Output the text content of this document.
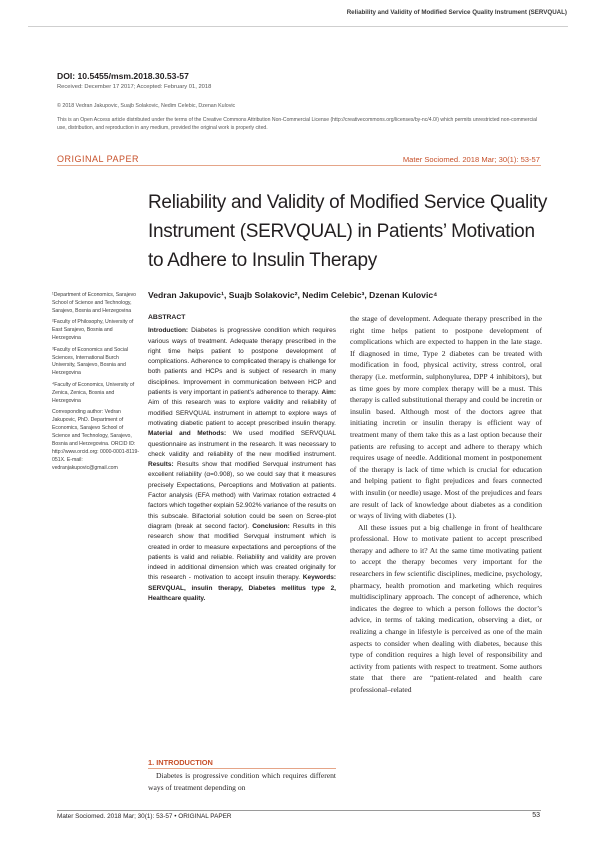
Reliability and Validity of Modified Service Quality Instrument (SERVQUAL)
DOI: 10.5455/msm.2018.30.53-57
Received: December 17 2017; Accepted: February 01, 2018
© 2018 Vedran Jakupovic, Suajb Solakovic, Nedim Celebic, Dzenan Kulovic
This is an Open Access article distributed under the terms of the Creative Commons Attribution Non-Commercial License (http://creativecommons.org/licenses/by-nc/4.0/) which permits unrestricted non-commercial use, distribution, and reproduction in any medium, provided the original work is properly cited.
ORIGINAL PAPER	Mater Sociomed. 2018 Mar; 30(1): 53-57
Reliability and Validity of Modified Service Quality Instrument (SERVQUAL) in Patients’ Motivation to Adhere to Insulin Therapy

¹Department of Economics, Sarajevo School of Science and Technology, Sarajevo, Bosnia and Herzegovina

²Faculty of Philosophy, University of East Sarajevo, Bosnia and Herzegovina

³Faculty of Economics and Social Sciences, International Burch University, Sarajevo, Bosnia and Herzegovina

⁴Faculty of Economics, University of Zenica, Zenica, Bosnia and Herzegovina

Corresponding author: Vedran Jakupovic, PhD. Department of Economics, Sarajevo School of Science and Technology, Sarajevo, Bosnia and Herzegovina. ORCID ID: http://www.orcid.org: 0000-0001-8119-051X. E-mail: vedranjakupovic@gmail.com

Vedran Jakupovic¹, Suajb Solakovic², Nedim Celebic³, Dzenan Kulovic⁴
ABSTRACT
Introduction: Diabetes is progressive condition which requires various ways of treatment. Adequate therapy prescribed in the right time helps patient to postpone development of complications. Adherence to complicated therapy is challenge for both patients and HCPs and is subject of research in many disciplines. Improvement in communication between HCP and patients is very important in patient’s adherence to therapy. Aim: Aim of this research was to explore validity and reliability of modified SERVQUAL instrument in attempt to explore ways of motivating diabetic patient to accept prescribed insulin therapy. Material and Methods: We used modified SERVQUAL questionnaire as instrument in the research. It was necessary to check validity and reliability of the new modified instrument. Results: Results show that modified Servqual instrument has excellent reliability (α=0.908), so we could say that it measures precisely Expectations, Perceptions and Motivation at patients. Factor analysis (EFA method) with Varimax rotation extracted 4 factors which together explain 52.902% variance of the results on this subscale. Bifactorial solution could be seen on Scree-plot diagram (break at second factor). Conclusion: Results in this research show that modified Servqual instrument which is created in order to measure expectations and perceptions of the patients is valid and reliable. Reliability and validity are proven indeed in additional dimension which was created originally for this research - motivation to accept insulin therapy. Keywords: SERVQUAL, insulin therapy, Diabetes mellitus type 2, Healthcare quality.
1. INTRODUCTION
Diabetes is progressive condition which requires different ways of treatment depending on

the stage of development. Adequate therapy prescribed in the right time helps patient to postpone development of complications which are expected to happen in the late stage. If diagnosed in time, Type 2 diabetes can be treated with modification in food, physical activity, stress control, oral therapy (i.e. metformin, sulphonylurea, DPP 4 inhibitors), but as time goes by more complex therapy will be a must. This therapy is called substitutional therapy and could be incretin or insulin based. Although most of the doctors agree that initiating incretin or insulin therapy is efficient way of treatment many of them take this as a last option because their patients are refusing to accept and adhere to therapy which requires usage of needle. Additional moment in postponement of the therapy is lack of time which is crucial for education and helping patient to fight prejudices and fears connected with insulin (or needle) usage. Most of the prejudices and fears are result of lack of knowledge about diabetes as a condition or ways of living with diabetes (1).

All these issues put a big challenge in front of healthcare professional. How to motivate patient to accept prescribed therapy and adhere to it? At the same time motivating patient to accept the therapy becomes very important for the researchers in few scientific disciplines, medicine, psychology, pharmacy, health promotion and marketing which requires multidisciplinary approach. The concept of adherence, which indicates the degree to which a person follows the doctor’s advice, in terms of taking medication, observing a diet, or realizing a change in lifestyle is perceived as one of the main aspects to consider when dealing with diabetes, because this type of condition requires a high level of responsibility and activity from patients with respect to treatment. Some authors state that there are “patient-related and health care professional–related

Mater Sociomed. 2018 Mar; 30(1): 53-57 • ORIGINAL PAPER	53
